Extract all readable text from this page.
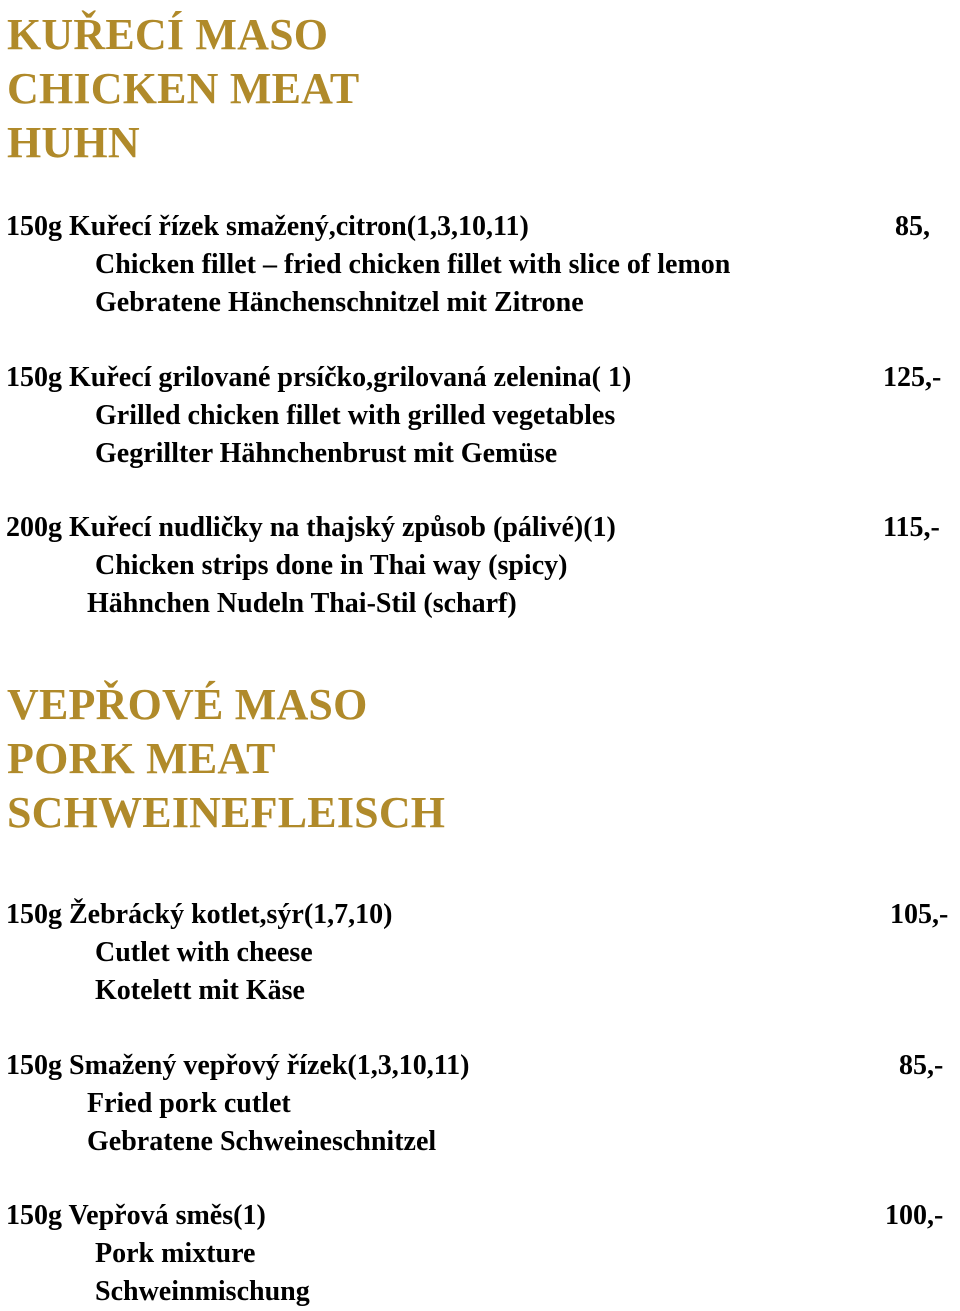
KUŘECÍ MASO
CHICKEN MEAT
HUHN
150g Kuřecí řízek smažený,citron(1,3,10,11)
Chicken fillet – fried chicken fillet with slice of lemon
Gebratene Hänchenschnitzel mit Zitrone
85,
150g Kuřecí grilované prsíčko,grilovaná zelenina( 1)
Grilled chicken fillet with grilled vegetables
Gegrillter Hähnchenbrust mit Gemüse
125,-
200g Kuřecí nudličky na thajský způsob (pálivé)(1)
Chicken strips done in Thai way (spicy)
Hähnchen Nudeln Thai-Stil (scharf)
115,-
VEPŘOVÉ MASO
PORK MEAT
SCHWEINEFLEISCH
150g Žebrácký kotlet,sýr(1,7,10)
Cutlet with cheese
Kotelett mit Käse
105,-
150g Smažený vepřový řízek(1,3,10,11)
Fried pork cutlet
Gebratene Schweineschnitzel
85,-
150g Vepřová směs(1)
Pork mixture
Schweinmischung
100,-
